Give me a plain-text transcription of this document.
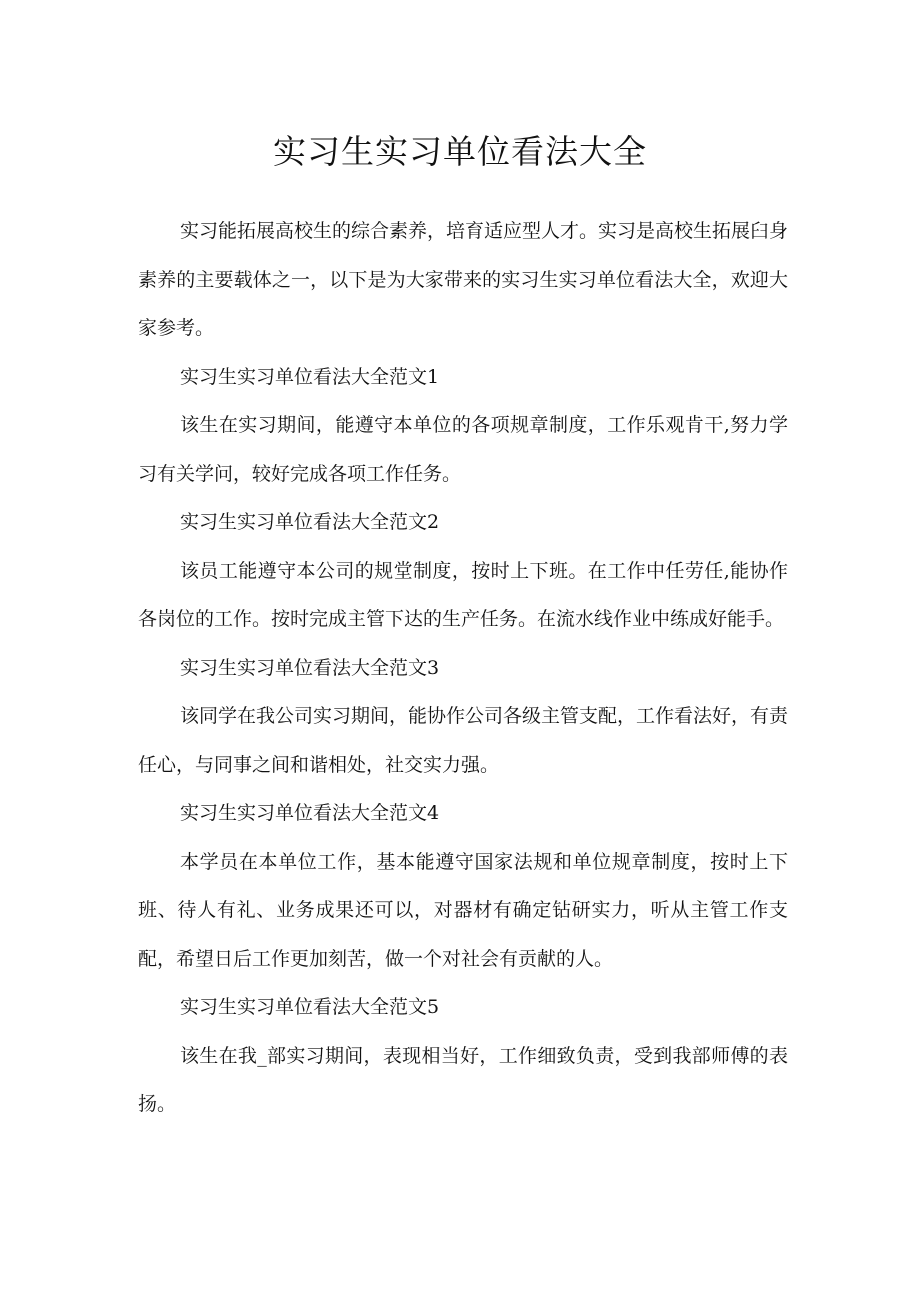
实习生实习单位看法大全

实习能拓展高校生的综合素养，培育适应型人才。实习是高校生拓展臼身素养的主要载体之一，以下是为大家带来的实习生实习单位看法大全，欢迎大家参考。

实习生实习单位看法大全范文1

该生在实习期间，能遵守本单位的各项规章制度，工作乐观肯干,努力学习有关学问，较好完成各项工作任务。

实习生实习单位看法大全范文2

该员工能遵守本公司的规堂制度，按时上下班。在工作中任劳任,能协作各岗位的工作。按时完成主管下达的生产任务。在流水线作业中练成好能手。

实习生实习单位看法大全范文3

该同学在我公司实习期间，能协作公司各级主管支配，工作看法好，有责任心，与同事之间和谐相处，社交实力强。

实习生实习单位看法大全范文4

本学员在本单位工作，基本能遵守国家法规和单位规章制度，按时上下班、待人有礼、业务成果还可以，对器材有确定钻研实力，听从主管工作支配，希望日后工作更加刻苦，做一个对社会有贡献的人。

实习生实习单位看法大全范文5

该生在我_部实习期间，表现相当好，工作细致负责，受到我部师傅的表扬。
